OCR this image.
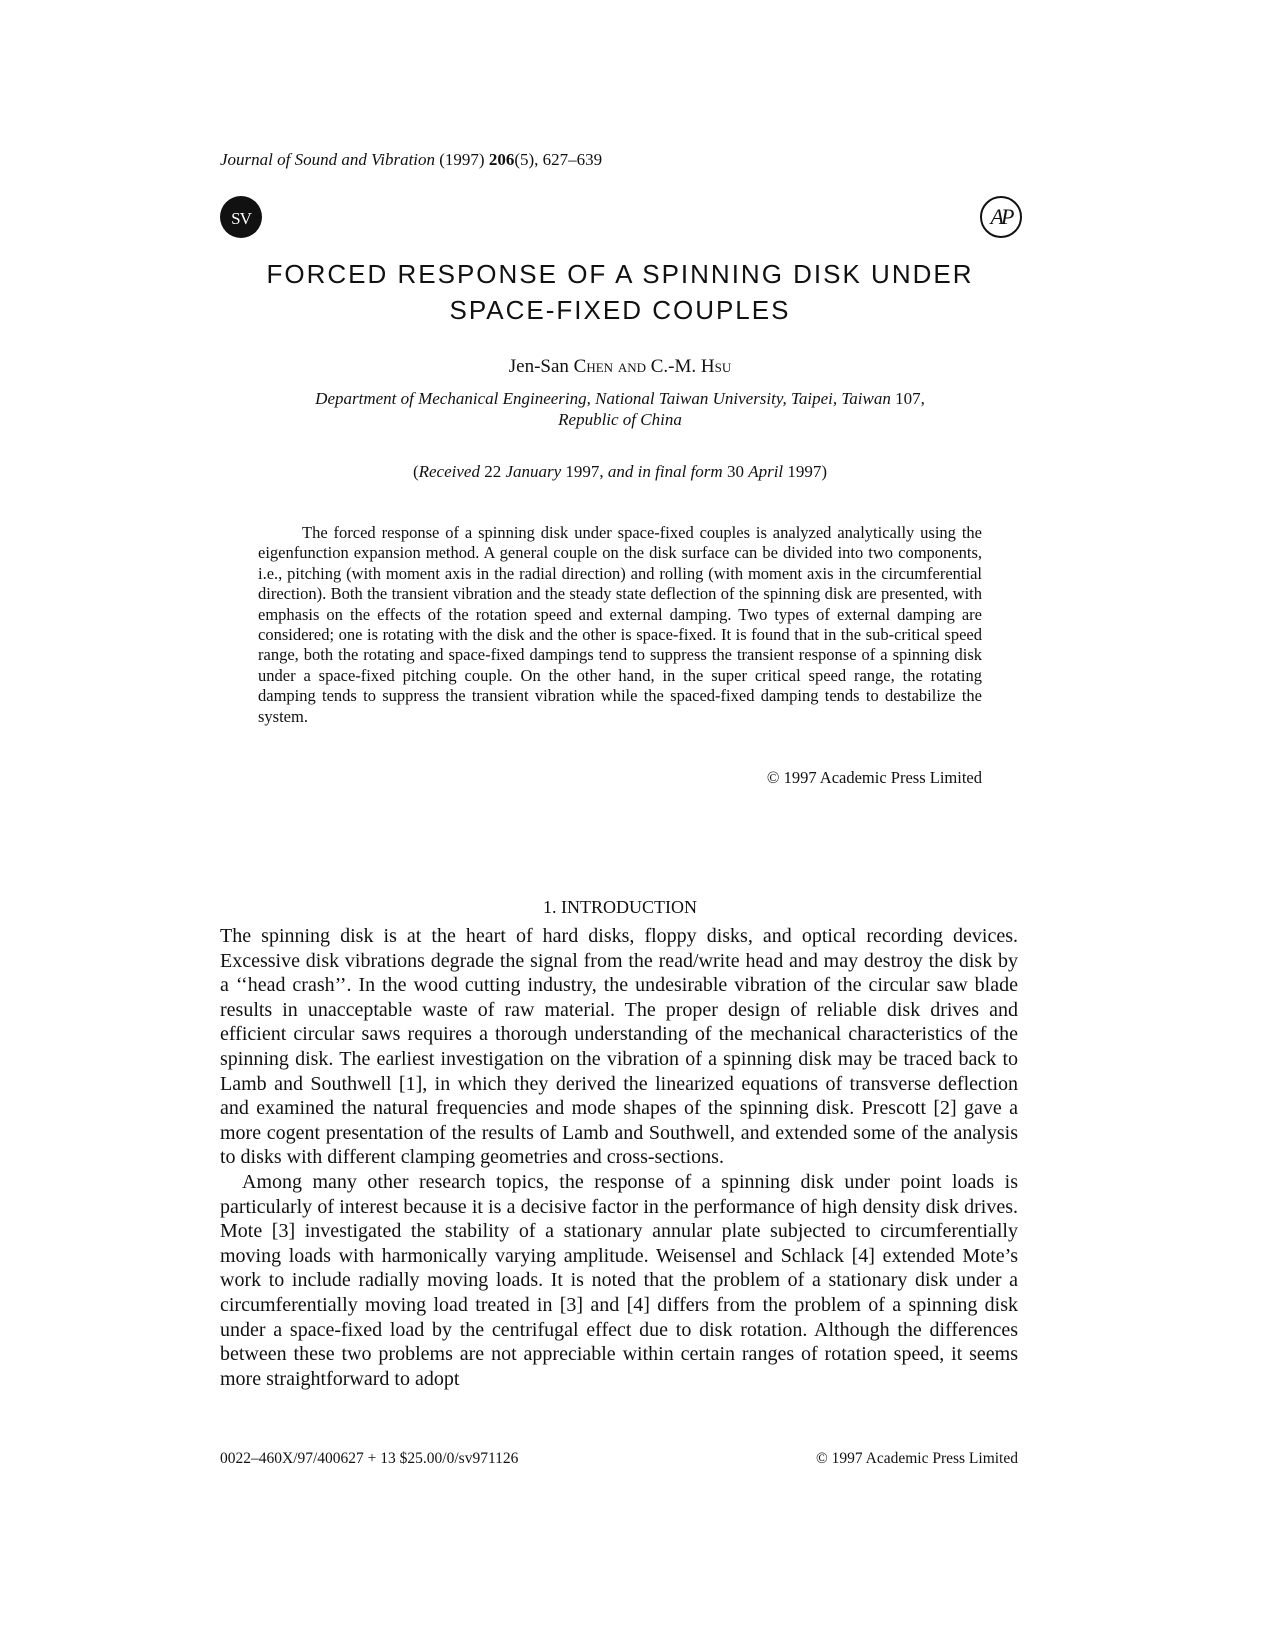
Journal of Sound and Vibration (1997) 206(5), 627–639
I
SV	AP
FORCED RESPONSE OF A SPINNING DISK UNDER
SPACE-FIXED COUPLES
Jen-San Chen and C.-M. Hsu
Department of Mechanical Engineering, National Taiwan University, Taipei, Taiwan 107,
Republic of China
(Received 22 January 1997, and in final form 30 April 1997)

The forced response of a spinning disk under space-fixed couples is analyzed analytically using the eigenfunction expansion method. A general couple on the disk surface can be divided into two components, i.e., pitching (with moment axis in the radial direction) and rolling (with moment axis in the circumferential direction). Both the transient vibration and the steady state deflection of the spinning disk are presented, with emphasis on the effects of the rotation speed and external damping. Two types of external damping are considered; one is rotating with the disk and the other is space-fixed. It is found that in the sub-critical speed range, both the rotating and space-fixed dampings tend to suppress the transient response of a spinning disk under a space-fixed pitching couple. On the other hand, in the super critical speed range, the rotating damping tends to suppress the transient vibration while the spaced-fixed damping tends to destabilize the system.

© 1997 Academic Press Limited
1. INTRODUCTION

The spinning disk is at the heart of hard disks, floppy disks, and optical recording devices. Excessive disk vibrations degrade the signal from the read/write head and may destroy the disk by a ‘‘head crash’’. In the wood cutting industry, the undesirable vibration of the circular saw blade results in unacceptable waste of raw material. The proper design of reliable disk drives and efficient circular saws requires a thorough understanding of the mechanical characteristics of the spinning disk. The earliest investigation on the vibration of a spinning disk may be traced back to Lamb and Southwell [1], in which they derived the linearized equations of transverse deflection and examined the natural frequencies and mode shapes of the spinning disk. Prescott [2] gave a more cogent presentation of the results of Lamb and Southwell, and extended some of the analysis to disks with different clamping geometries and cross-sections.

Among many other research topics, the response of a spinning disk under point loads is particularly of interest because it is a decisive factor in the performance of high density disk drives. Mote [3] investigated the stability of a stationary annular plate subjected to circumferentially moving loads with harmonically varying amplitude. Weisensel and Schlack [4] extended Mote’s work to include radially moving loads. It is noted that the problem of a stationary disk under a circumferentially moving load treated in [3] and [4] differs from the problem of a spinning disk under a space-fixed load by the centrifugal effect due to disk rotation. Although the differences between these two problems are not appreciable within certain ranges of rotation speed, it seems more straightforward to adopt

0022–460X/97/400627 + 13 $25.00/0/sv971126	© 1997 Academic Press Limited
